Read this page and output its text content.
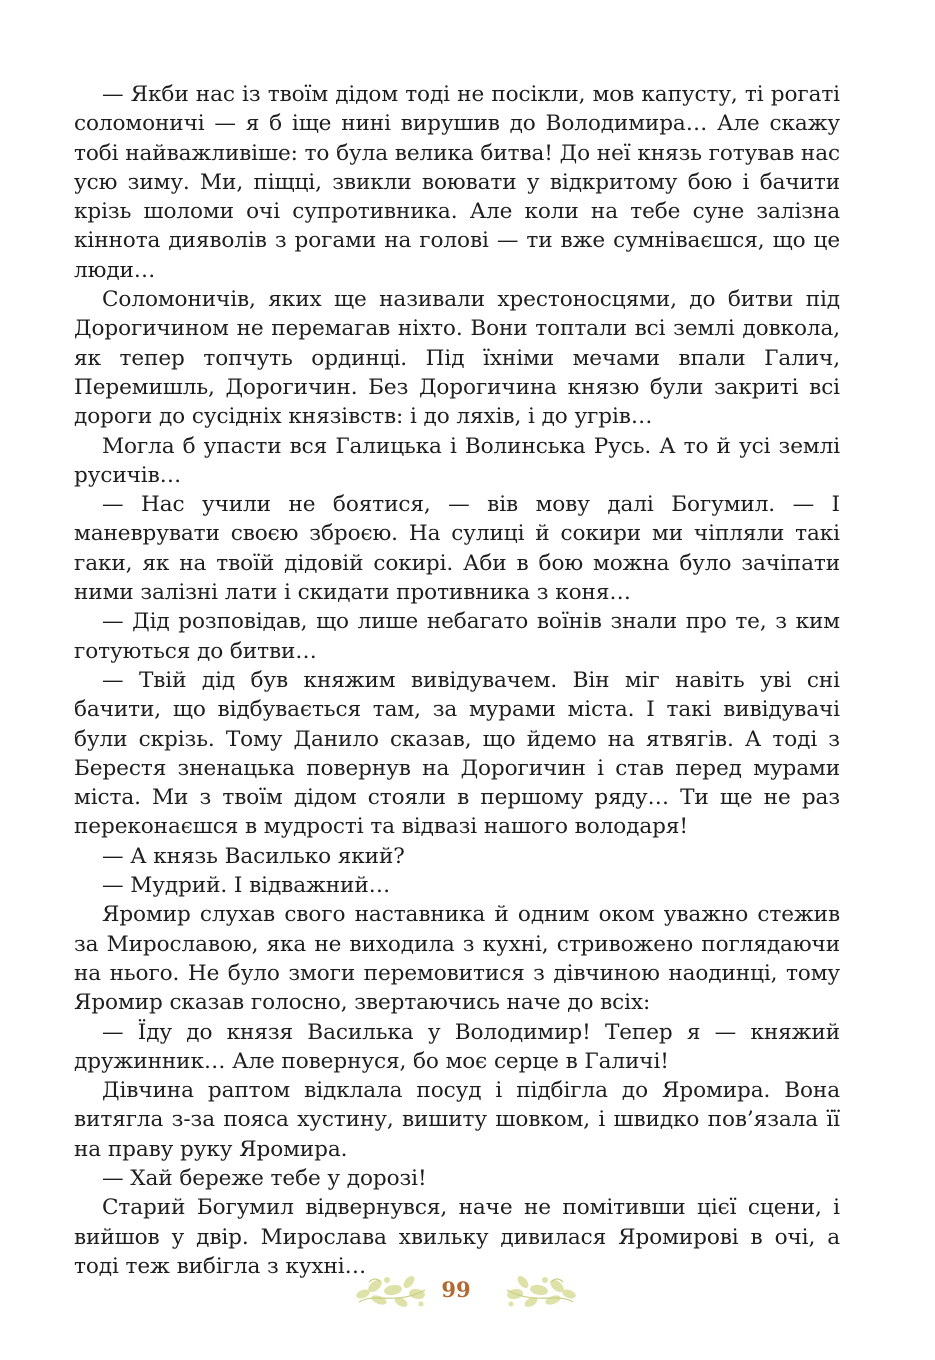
— Якби нас із твоїм дідом тоді не посікли, мов капусту, ті рогаті соломоничі — я б іще нині вирушив до Володимира… Але скажу тобі найважливіше: то була велика битва! До неї князь готував нас усю зиму. Ми, піщці, звикли воювати у відкритому бою і бачити крізь шоломи очі супротивника. Але коли на тебе суне залізна кіннота дияволів з рогами на голові — ти вже сумніваєшся, що це люди…

Соломоничів, яких ще називали хрестоносцями, до битви під Дорогичином не перемагав ніхто. Вони топтали всі землі довкола, як тепер топчуть ординці. Під їхніми мечами впали Галич, Перемишль, Дорогичин. Без Дорогичина князю були закриті всі дороги до сусідніх князівств: і до ляхів, і до угрів…

Могла б упасти вся Галицька і Волинська Русь. А то й усі землі русичів…

— Нас учили не боятися, — вів мову далі Богумил. — І маневрувати своєю зброєю. На сулиці й сокири ми чіпляли такі гаки, як на твоїй дідовій сокирі. Аби в бою можна було зачіпати ними залізні лати і скидати противника з коня…

— Дід розповідав, що лише небагато воїнів знали про те, з ким готуються до битви…

— Твій дід був княжим вивідувачем. Він міг навіть уві сні бачити, що відбувається там, за мурами міста. І такі вивідувачі були скрізь. Тому Данило сказав, що йдемо на ятвягів. А тоді з Берестя зненацька повернув на Дорогичин і став перед мурами міста. Ми з твоїм дідом стояли в першому ряду… Ти ще не раз переконаєшся в мудрості та відвазі нашого володаря!

— А князь Василько який?

— Мудрий. І відважний…

Яромир слухав свого наставника й одним оком уважно стежив за Мирославою, яка не виходила з кухні, стривожено поглядаючи на нього. Не було змоги перемовитися з дівчиною наодинці, тому Яромир сказав голосно, звертаючись наче до всіх:

— Їду до князя Василька у Володимир! Тепер я — княжий дружинник… Але повернуся, бо моє серце в Галичі!

Дівчина раптом відклала посуд і підбігла до Яромира. Вона витягла з-за пояса хустину, вишиту шовком, і швидко пов’язала її на праву руку Яромира.

— Хай береже тебе у дорозі!

Старий Богумил відвернувся, наче не помітивши цієї сцени, і вийшов у двір. Мирослава хвильку дивилася Яромирові в очі, а тоді теж вибігла з кухні…

99
